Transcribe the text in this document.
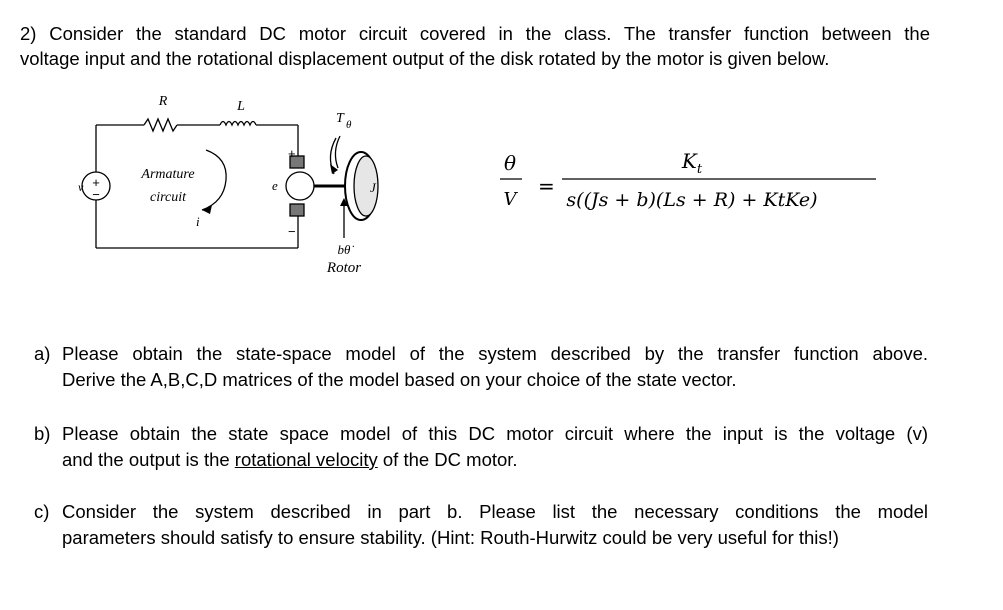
2) Consider the standard DC motor circuit covered in the class. The transfer function between the
voltage input and the rotational displacement output of the disk rotated by the motor is given below.
R	L
v +
−
Armature
circuit
i
e
+
−
T θ
J
bθ̇
Rotor
θ
V
$K_t$
s((Js + b)(Ls + R) + KtKe)
=
a) Please obtain the state-space model of the system described by the transfer function above.
Derive the A,B,C,D matrices of the model based on your choice of the state vector.
b) Please obtain the state space model of this DC motor circuit where the input is the voltage (v)
and the output is the rotational velocity of the DC motor.
c) Consider the system described in part b. Please list the necessary conditions the model
parameters should satisfy to ensure stability. (Hint: Routh-Hurwitz could be very useful for this!)
